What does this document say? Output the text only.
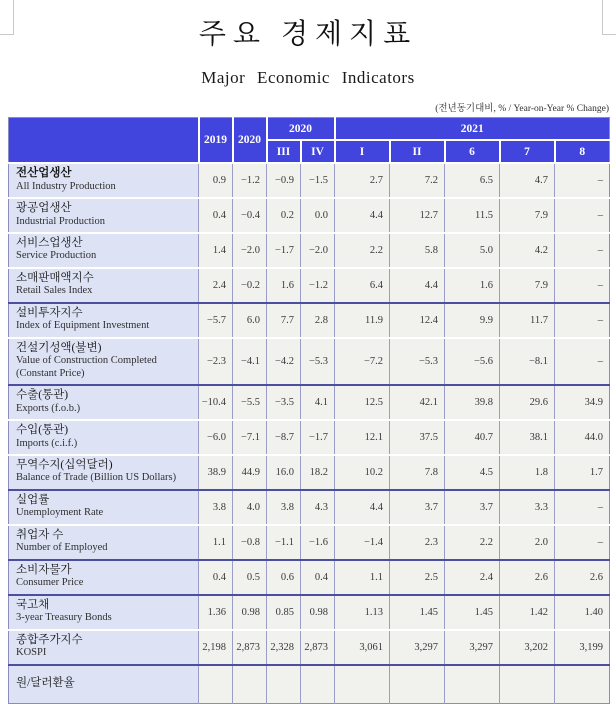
주요 경제지표
Major Economic Indicators
(전년동기대비, % / Year-on-Year % Change)
	2019	2020	2020		2021				
			III	IV	I	II	6	7	8

전산업생산
All Industry Production	0.9	−1.2	−0.9	−1.5	2.7	7.2	6.5	4.7	–

광공업생산
Industrial Production	0.4	−0.4	0.2	0.0	4.4	12.7	11.5	7.9	–

서비스업생산
Service Production	1.4	−2.0	−1.7	−2.0	2.2	5.8	5.0	4.2	–

소매판매액지수
Retail Sales Index	2.4	−0.2	1.6	−1.2	6.4	4.4	1.6	7.9	–

설비투자지수
Index of Equipment Investment	−5.7	6.0	7.7	2.8	11.9	12.4	9.9	11.7	–

건설기성액(불변)
Value of Construction Completed
(Constant Price)	−2.3	−4.1	−4.2	−5.3	−7.2	−5.3	−5.6	−8.1	–

수출(통관)
Exports (f.o.b.)	−10.4	−5.5	−3.5	4.1	12.5	42.1	39.8	29.6	34.9

수입(통관)
Imports (c.i.f.)	−6.0	−7.1	−8.7	−1.7	12.1	37.5	40.7	38.1	44.0

무역수지(십억달러)
Balance of Trade (Billion US Dollars)	38.9	44.9	16.0	18.2	10.2	7.8	4.5	1.8	1.7

실업률
Unemployment Rate	3.8	4.0	3.8	4.3	4.4	3.7	3.7	3.3	–

취업자 수
Number of Employed	1.1	−0.8	−1.1	−1.6	−1.4	2.3	2.2	2.0	–

소비자물가
Consumer Price	0.4	0.5	0.6	0.4	1.1	2.5	2.4	2.6	2.6

국고채
3-year Treasury Bonds	1.36	0.98	0.85	0.98	1.13	1.45	1.45	1.42	1.40

종합주가지수
KOSPI	2,198	2,873	2,328	2,873	3,061	3,297	3,297	3,202	3,199

원/달러환율									
